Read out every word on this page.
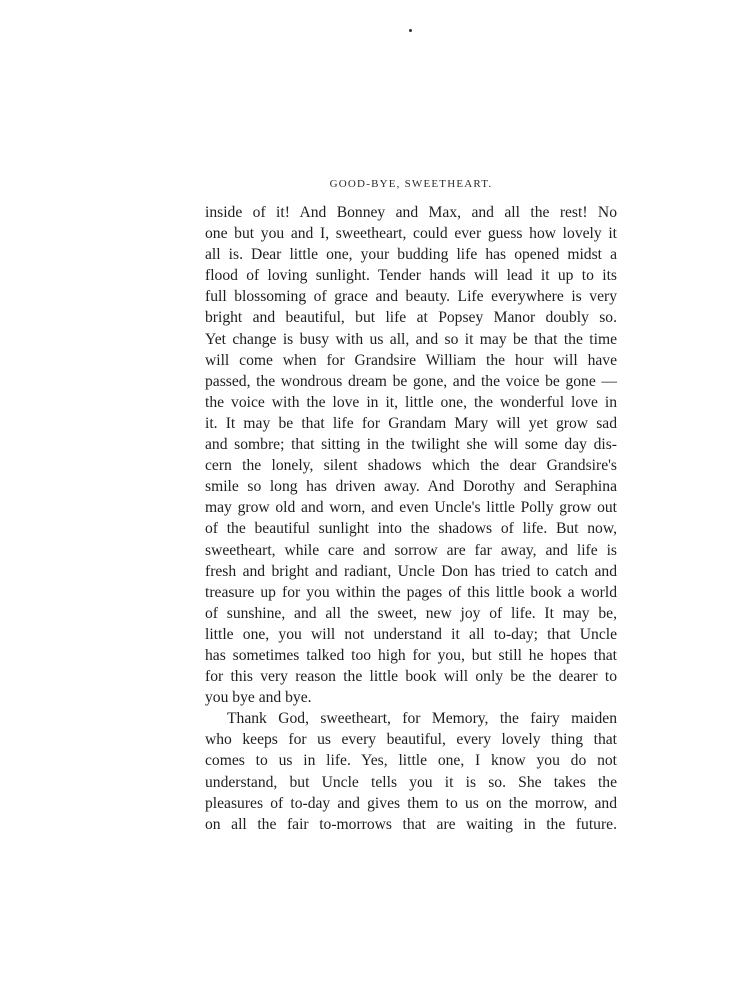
GOOD-BYE, SWEETHEART.
inside of it! And Bonney and Max, and all the rest! No
one but you and I, sweetheart, could ever guess how lovely it
all is. Dear little one, your budding life has opened midst a
flood of loving sunlight. Tender hands will lead it up to its
full blossoming of grace and beauty. Life everywhere is very
bright and beautiful, but life at Popsey Manor doubly so.
Yet change is busy with us all, and so it may be that the time
will come when for Grandsire William the hour will have
passed, the wondrous dream be gone, and the voice be gone —
the voice with the love in it, little one, the wonderful love in
it. It may be that life for Grandam Mary will yet grow sad
and sombre; that sitting in the twilight she will some day dis-
cern the lonely, silent shadows which the dear Grandsire's
smile so long has driven away. And Dorothy and Seraphina
may grow old and worn, and even Uncle's little Polly grow out
of the beautiful sunlight into the shadows of life. But now,
sweetheart, while care and sorrow are far away, and life is
fresh and bright and radiant, Uncle Don has tried to catch and
treasure up for you within the pages of this little book a world
of sunshine, and all the sweet, new joy of life. It may be,
little one, you will not understand it all to-day; that Uncle
has sometimes talked too high for you, but still he hopes that
for this very reason the little book will only be the dearer to
you bye and bye.
Thank God, sweetheart, for Memory, the fairy maiden
who keeps for us every beautiful, every lovely thing that
comes to us in life. Yes, little one, I know you do not
understand, but Uncle tells you it is so. She takes the
pleasures of to-day and gives them to us on the morrow, and
on all the fair to-morrows that are waiting in the future.
